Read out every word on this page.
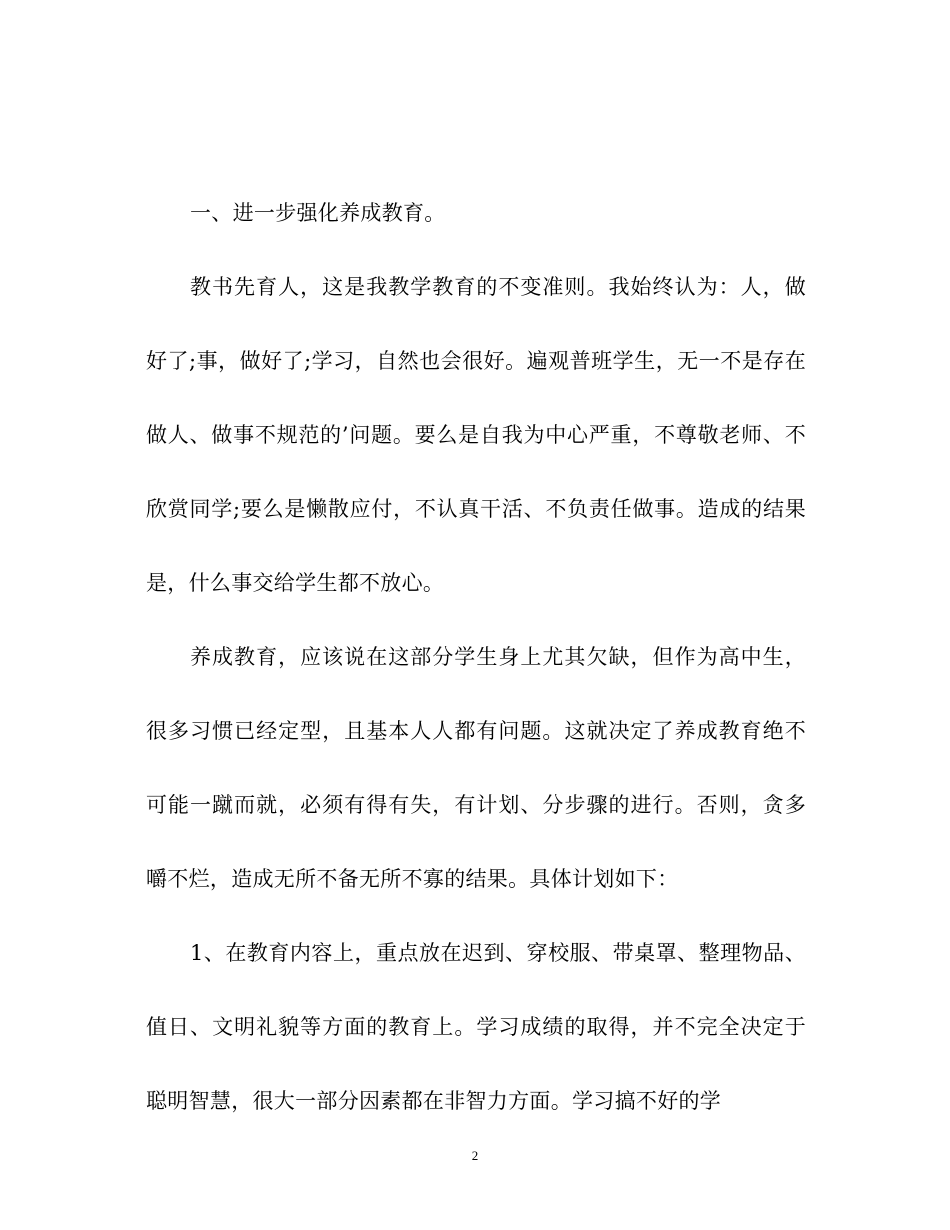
一、进一步强化养成教育。

教书先育人，这是我教学教育的不变准则。我始终认为：人，做好了;事，做好了;学习，自然也会很好。遍观普班学生，无一不是存在做人、做事不规范的’问题。要么是自我为中心严重，不尊敬老师、不欣赏同学;要么是懒散应付，不认真干活、不负责任做事。造成的结果是，什么事交给学生都不放心。

养成教育，应该说在这部分学生身上尤其欠缺，但作为高中生，很多习惯已经定型，且基本人人都有问题。这就决定了养成教育绝不可能一蹴而就，必须有得有失，有计划、分步骤的进行。否则，贪多嚼不烂，造成无所不备无所不寡的结果。具体计划如下：

1、在教育内容上，重点放在迟到、穿校服、带桌罩、整理物品、值日、文明礼貌等方面的教育上。学习成绩的取得，并不完全决定于聪明智慧，很大一部分因素都在非智力方面。学习搞不好的学

2
